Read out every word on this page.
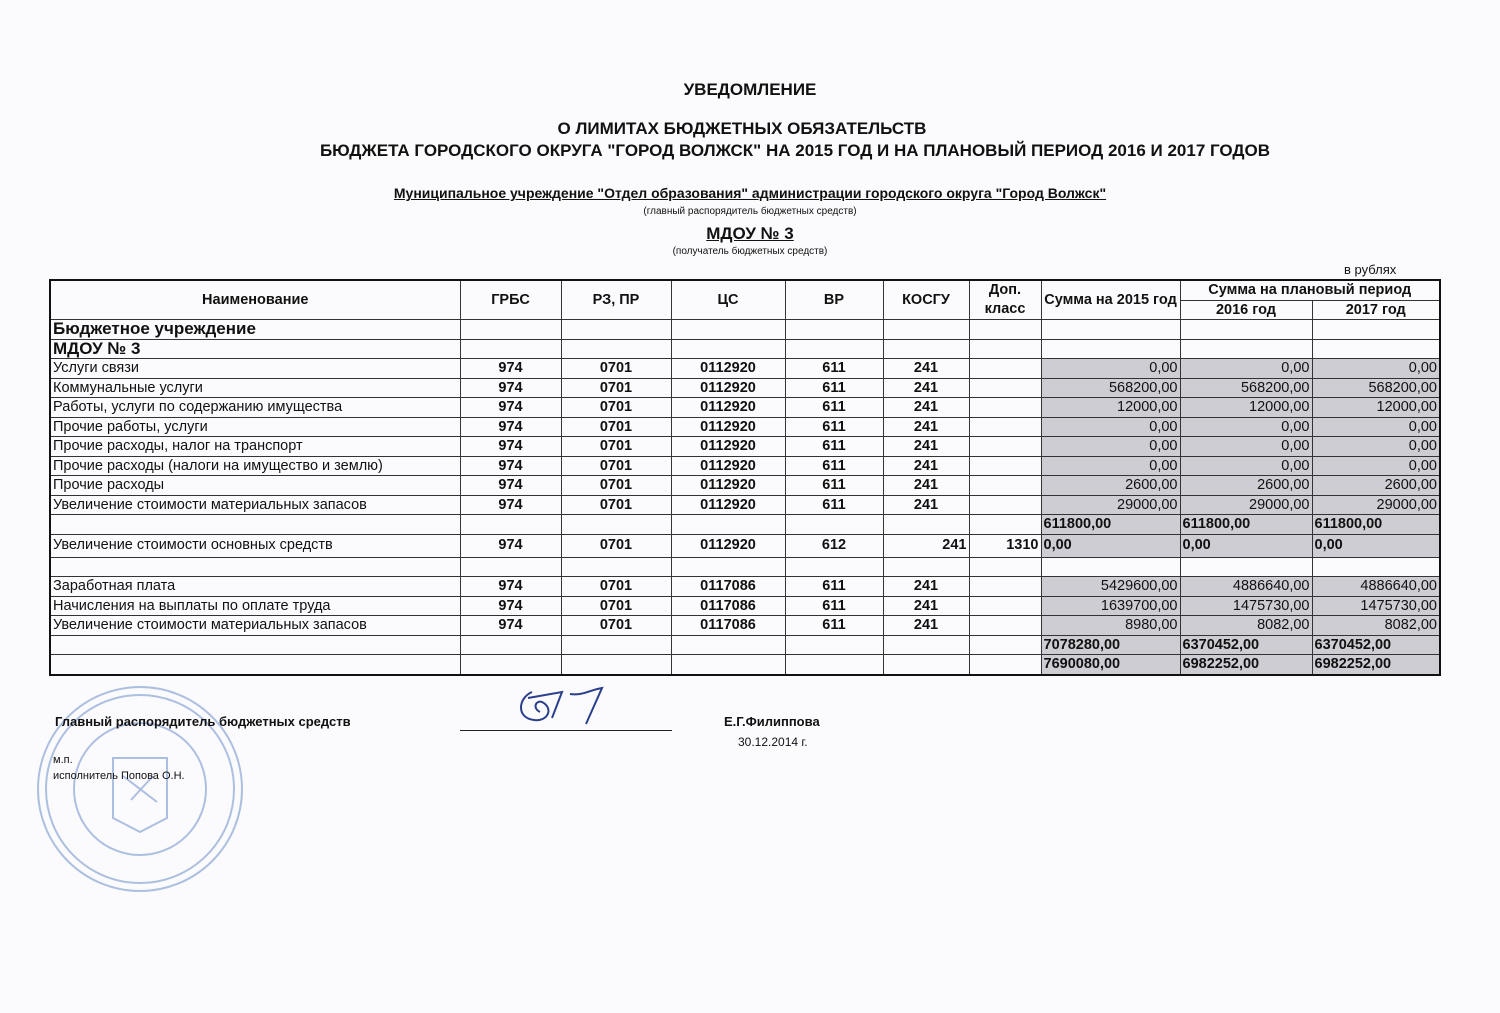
УВЕДОМЛЕНИЕ
О ЛИМИТАХ БЮДЖЕТНЫХ ОБЯЗАТЕЛЬСТВ
БЮДЖЕТА ГОРОДСКОГО ОКРУГА "ГОРОД ВОЛЖСК" НА 2015 ГОД И НА ПЛАНОВЫЙ ПЕРИОД 2016 И 2017 ГОДОВ
Муниципальное учреждение "Отдел образования" администрации городского округа "Город Волжск"
(главный распорядитель бюджетных средств)
МДОУ № 3
(получатель бюджетных средств)
в рублях
Наименование	ГРБС	РЗ, ПР	ЦС	ВР	КОСГУ	Доп. класс	Сумма на 2015 год	Сумма на плановый период	
								2016 год	2017 год
Бюджетное учреждение									
МДОУ № 3									
Услуги связи	974	0701	0112920	611	241		0,00	0,00	0,00
Коммунальные услуги	974	0701	0112920	611	241		568200,00	568200,00	568200,00
Работы, услуги по содержанию имущества	974	0701	0112920	611	241		12000,00	12000,00	12000,00
Прочие работы, услуги	974	0701	0112920	611	241		0,00	0,00	0,00
Прочие расходы, налог на транспорт	974	0701	0112920	611	241		0,00	0,00	0,00
Прочие расходы (налоги на имущество и землю)	974	0701	0112920	611	241		0,00	0,00	0,00
Прочие расходы	974	0701	0112920	611	241		2600,00	2600,00	2600,00
Увеличение стоимости материальных запасов	974	0701	0112920	611	241		29000,00	29000,00	29000,00
							611800,00	611800,00	611800,00
Увеличение стоимости основных средств	974	0701	0112920	612	241	1310	0,00	0,00	0,00

Заработная плата	974	0701	0117086	611	241		5429600,00	4886640,00	4886640,00
Начисления на выплаты по оплате труда	974	0701	0117086	611	241		1639700,00	1475730,00	1475730,00
Увеличение стоимости материальных запасов	974	0701	0117086	611	241		8980,00	8082,00	8082,00
							7078280,00	6370452,00	6370452,00
							7690080,00	6982252,00	6982252,00
Главный распорядитель бюджетных средств	Е.Г.Филиппова
30.12.2014 г.
м.п.
исполнитель Попова О.Н.
